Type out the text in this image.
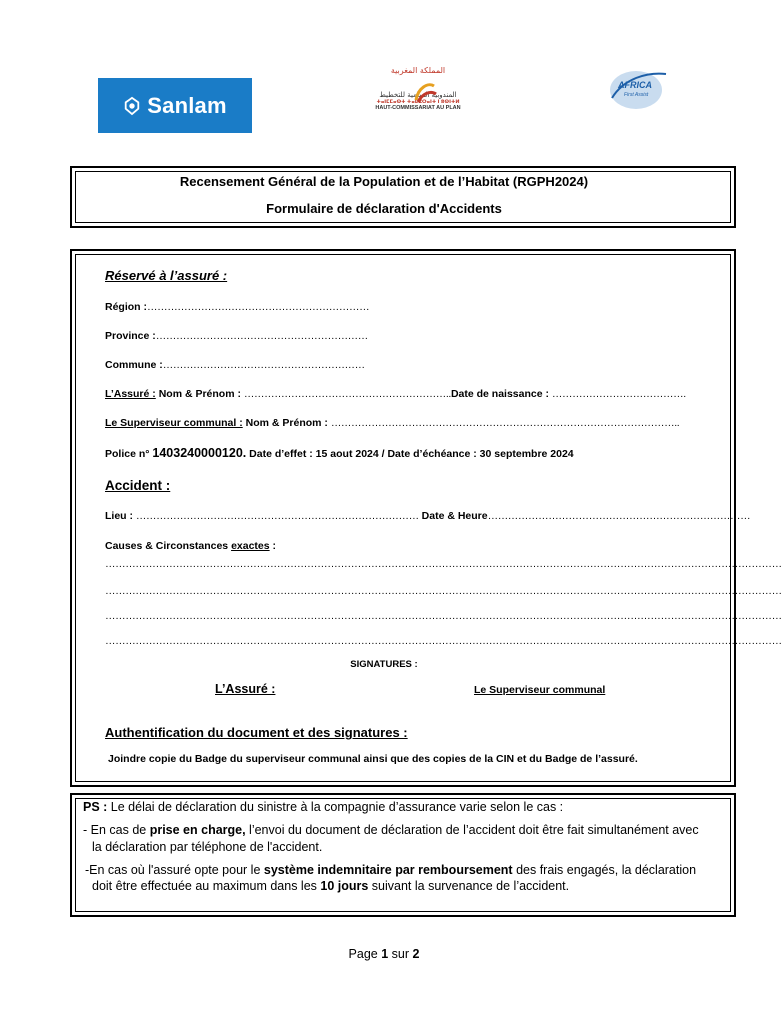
Sanlam
المملكة المغربية
المندوبية السامية للتخطيط
ⵜⴰⵏⵎⵎⴰⵙⵜ ⵜⴰⵎⵇⵔⴰⵏⵜ ⵏ ⵓⵙⵏⵜⵍ
HAUT-COMMISSARIAT AU PLAN
AFRICA
First Assist
Recensement Général de la Population et de l’Habitat (RGPH2024)
Formulaire de déclaration d'Accidents
Réservé à l’assuré :
Région :…………………………………………………………
Province :………………………………………………………
Commune :……………………………………………………
L’Assuré : Nom & Prénom : ……………………………………………………..Date de naissance : ………………………………….
Le Superviseur communal : Nom & Prénom : …………………………………………………………………………………………..
Police n° 1403240000120. Date d’effet : 15 aout 2024 / Date d’échéance : 30 septembre 2024
Accident :
Lieu : ………………………………………………………………………… Date & Heure……………………………………………………………………
Causes & Circonstances exactes :
…………………………………………………………………………………………………………………………………………………………………………………
…………………………………………………………………………………………………………………………………………………………………………………
…………………………………………………………………………………………………………………………………………………………………………………
…………………………………………………………………………………………………………………………………………………………………………………
SIGNATURES :
L’Assuré :	Le Superviseur communal
Authentification du document et des signatures :
Joindre copie du Badge du superviseur communal ainsi que des copies de la CIN et du Badge de l’assuré.
PS : Le délai de déclaration du sinistre à la compagnie d’assurance varie selon le cas :
- En cas de prise en charge, l’envoi du document de déclaration de l’accident doit être fait simultanément avec
la déclaration par téléphone de l'accident.
-En cas où l'assuré opte pour le système indemnitaire par remboursement des frais engagés, la déclaration
doit être effectuée au maximum dans les 10 jours suivant la survenance de l’accident.
Page 1 sur 2
